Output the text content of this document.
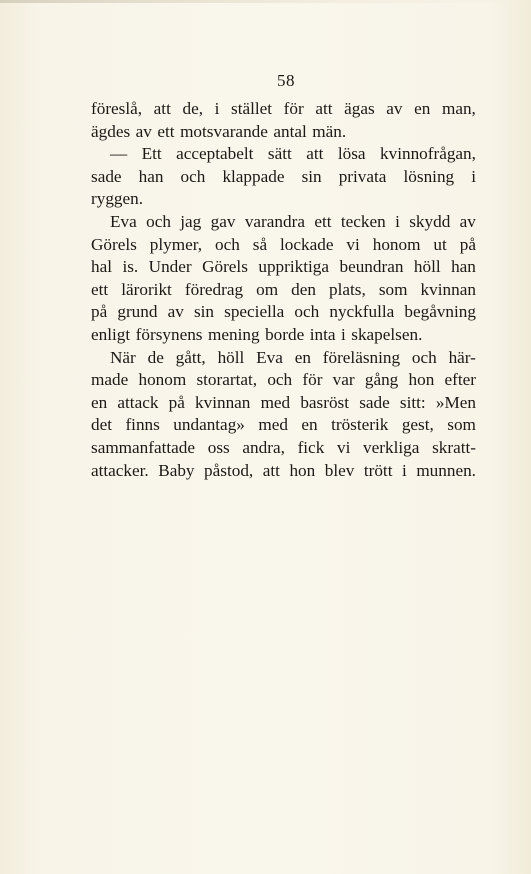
58
föreslå, att de, i stället för att ägas av en man,
ägdes av ett motsvarande antal män.
— Ett acceptabelt sätt att lösa kvinnofrågan,
sade han och klappade sin privata lösning i
ryggen.
Eva och jag gav varandra ett tecken i skydd av
Görels plymer, och så lockade vi honom ut på
hal is. Under Görels uppriktiga beundran höll han
ett lärorikt föredrag om den plats, som kvinnan
på grund av sin speciella och nyckfulla begåvning
enligt försynens mening borde inta i skapelsen.
När de gått, höll Eva en föreläsning och här-
made honom storartat, och för var gång hon efter
en attack på kvinnan med basröst sade sitt: »Men
det finns undantag» med en trösterik gest, som
sammanfattade oss andra, fick vi verkliga skratt-
attacker. Baby påstod, att hon blev trött i munnen.
